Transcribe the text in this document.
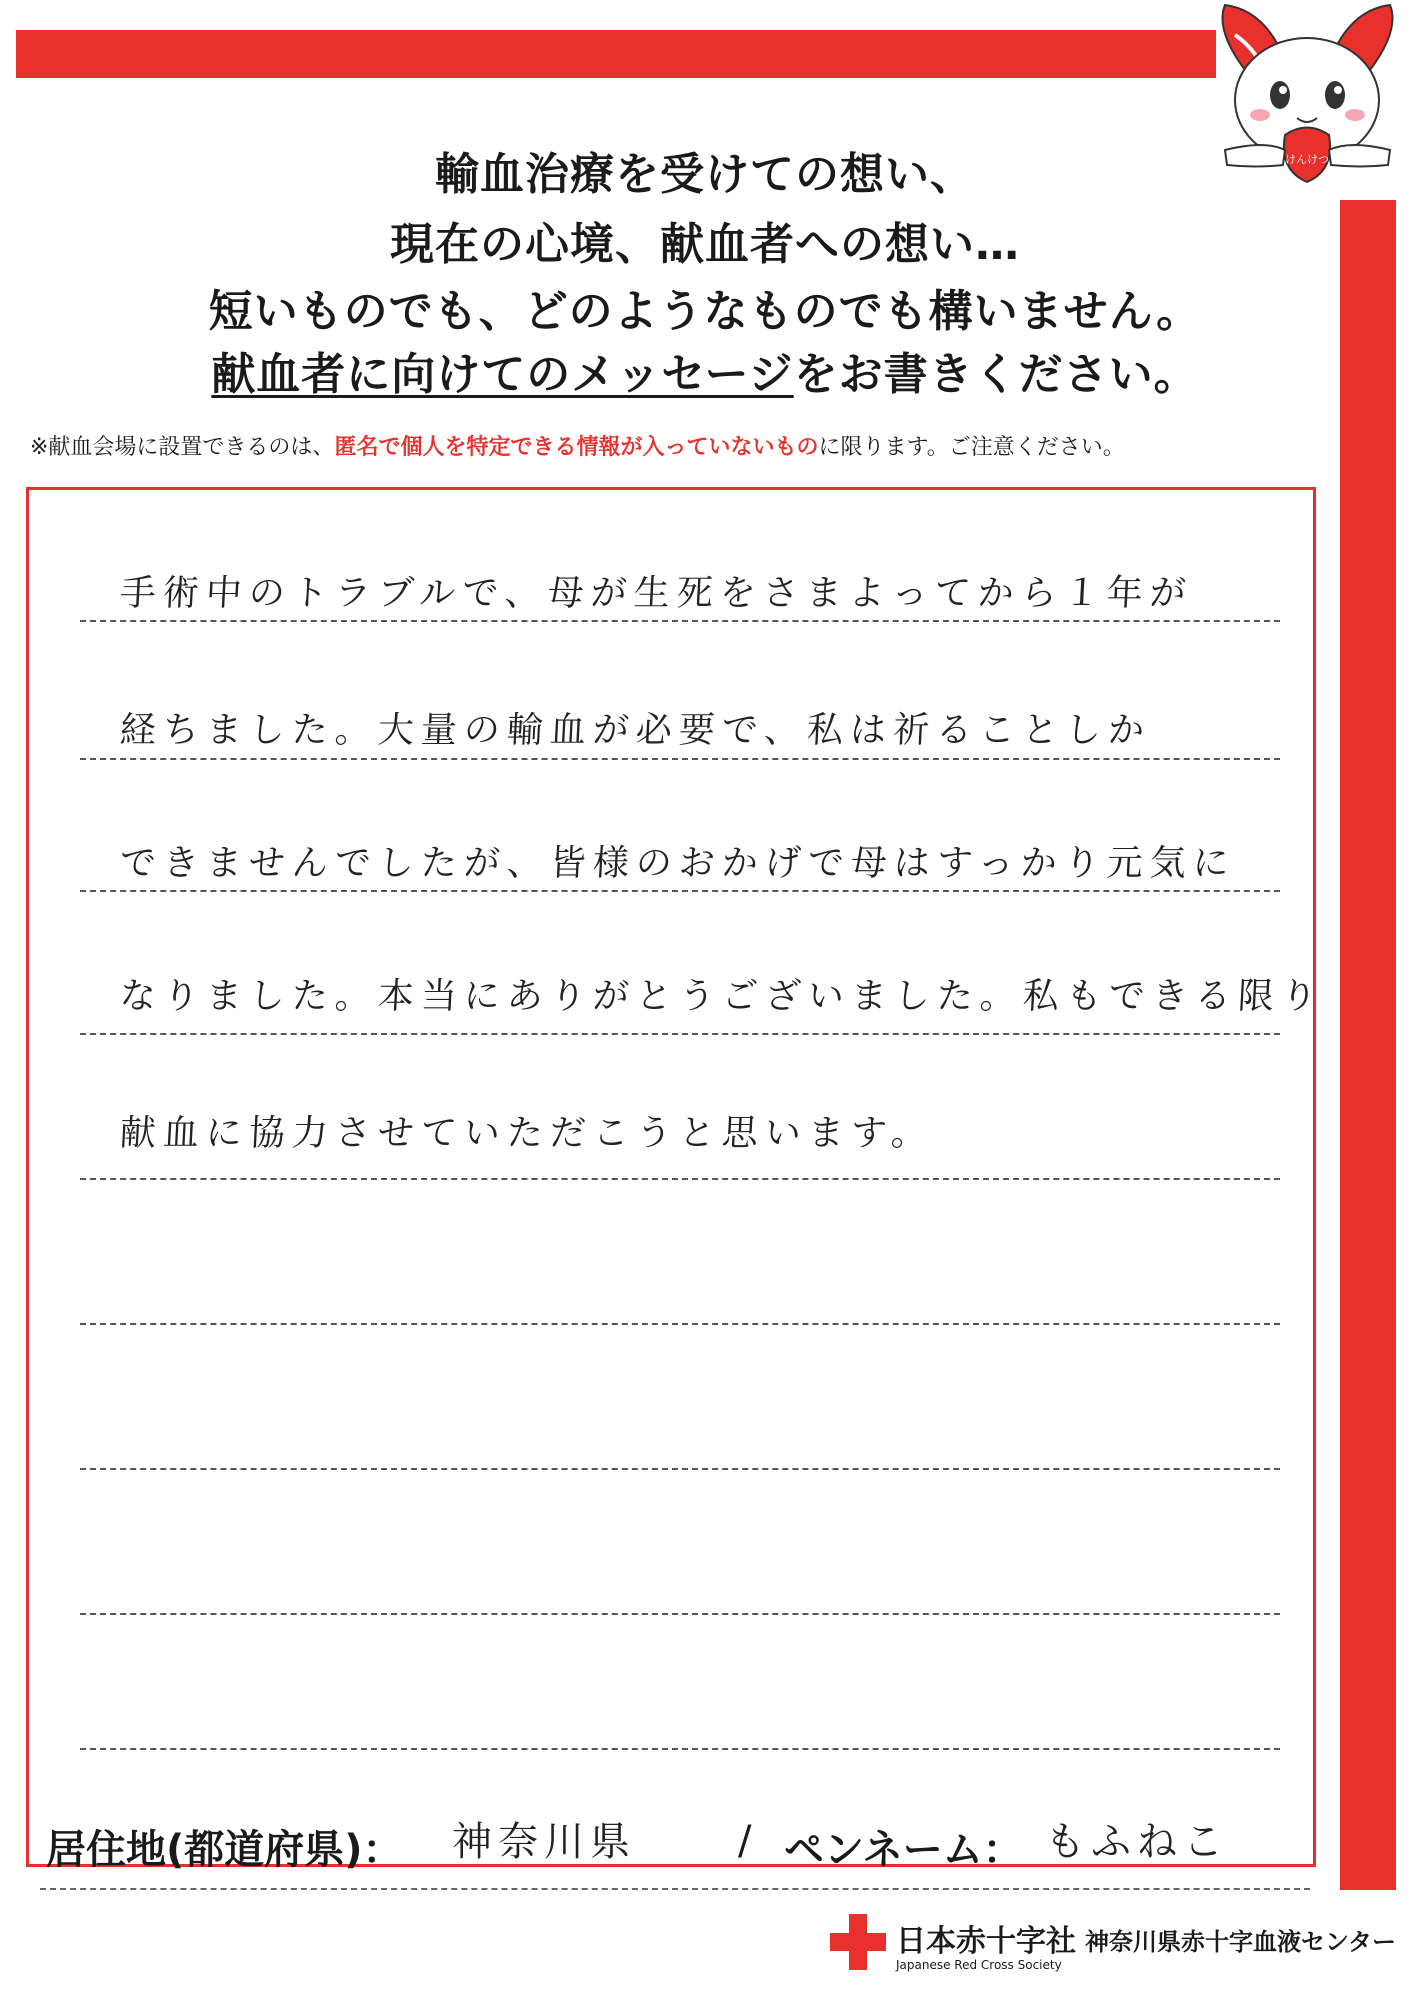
けんけつ
輸血治療を受けての想い、
現在の心境、献血者への想い…
短いものでも、どのようなものでも構いません。
献血者に向けてのメッセージをお書きください。
※献血会場に設置できるのは、匿名で個人を特定できる情報が入っていないものに限ります。ご注意ください。
手術中のトラブルで、母が生死をさまよってから１年が
経ちました。大量の輸血が必要で、私は祈ることしか
できませんでしたが、皆様のおかげで母はすっかり元気に
なりました。本当にありがとうございました。私もできる限り
献血に協力させていただこうと思います。
居住地(都道府県)： 神奈川県	/ ペンネーム： もふねこ
日本赤十字社
Japanese Red Cross Society
神奈川県赤十字血液センター
